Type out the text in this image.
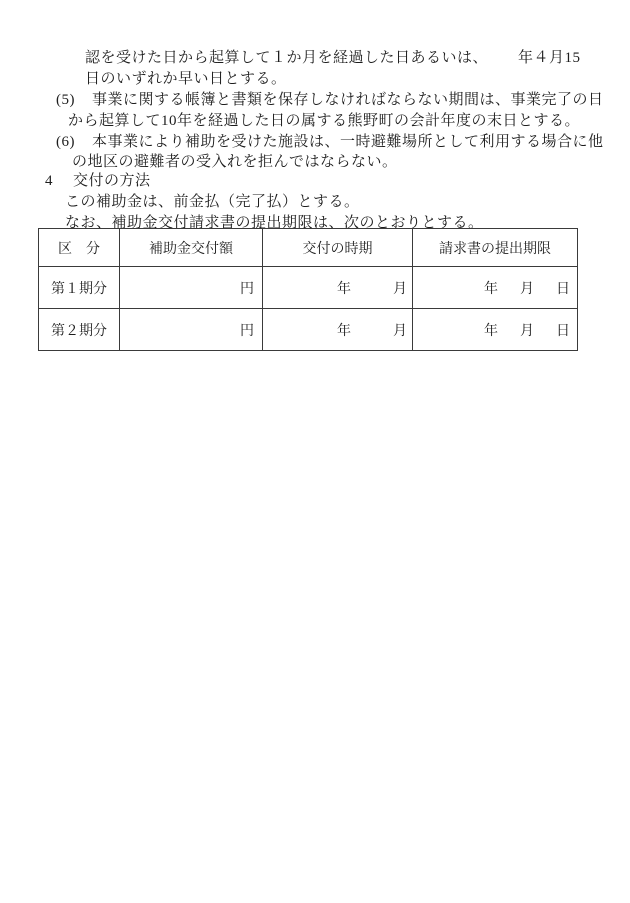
認を受けた日から起算して１か月を経過した日あるいは、 年４月15
日のいずれか早い日とする。
(5) 事業に関する帳簿と書類を保存しなければならない期間は、事業完了の日
から起算して10年を経過した日の属する熊野町の会計年度の末日とする。
(6) 本事業により補助を受けた施設は、一時避難場所として利用する場合に他
の地区の避難者の受入れを拒んではならない。
4 交付の方法
この補助金は、前金払（完了払）とする。
なお、補助金交付請求書の提出期限は、次のとおりとする。
区　分	補助金交付額	交付の時期	請求書の提出期限
第１期分	円	年　　　月	年　月　日
第２期分	円	年　　　月	年　月　日
